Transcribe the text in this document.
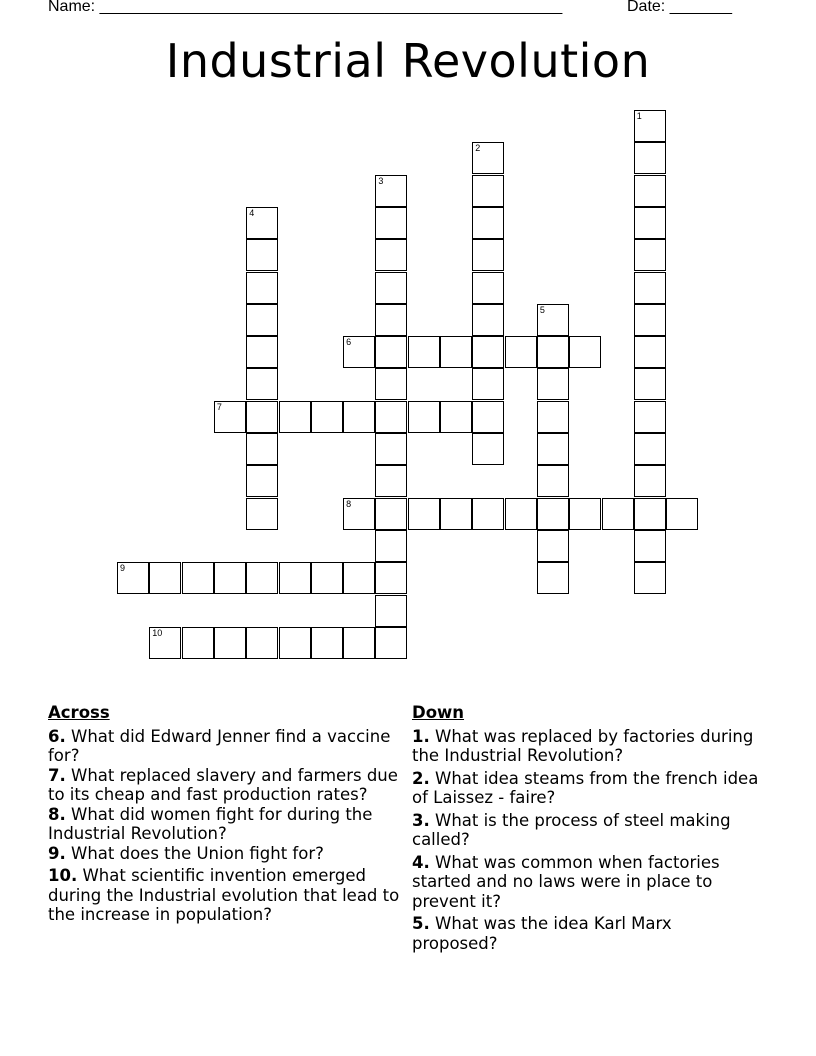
Name: ____________________________________________________	Date: _______
Industrial Revolution
1
2
3
4
5
6
7
8
9
10
Across
6. What did Edward Jenner find a vaccine for?
7. What replaced slavery and farmers due to its cheap and fast production rates?
8. What did women fight for during the Industrial Revolution?
9. What does the Union fight for?
10. What scientific invention emerged during the Industrial evolution that lead to the increase in population?
Down
1. What was replaced by factories during the Industrial Revolution?
2. What idea steams from the french idea of Laissez - faire?
3. What is the process of steel making called?
4. What was common when factories started and no laws were in place to prevent it?
5. What was the idea Karl Marx proposed?
